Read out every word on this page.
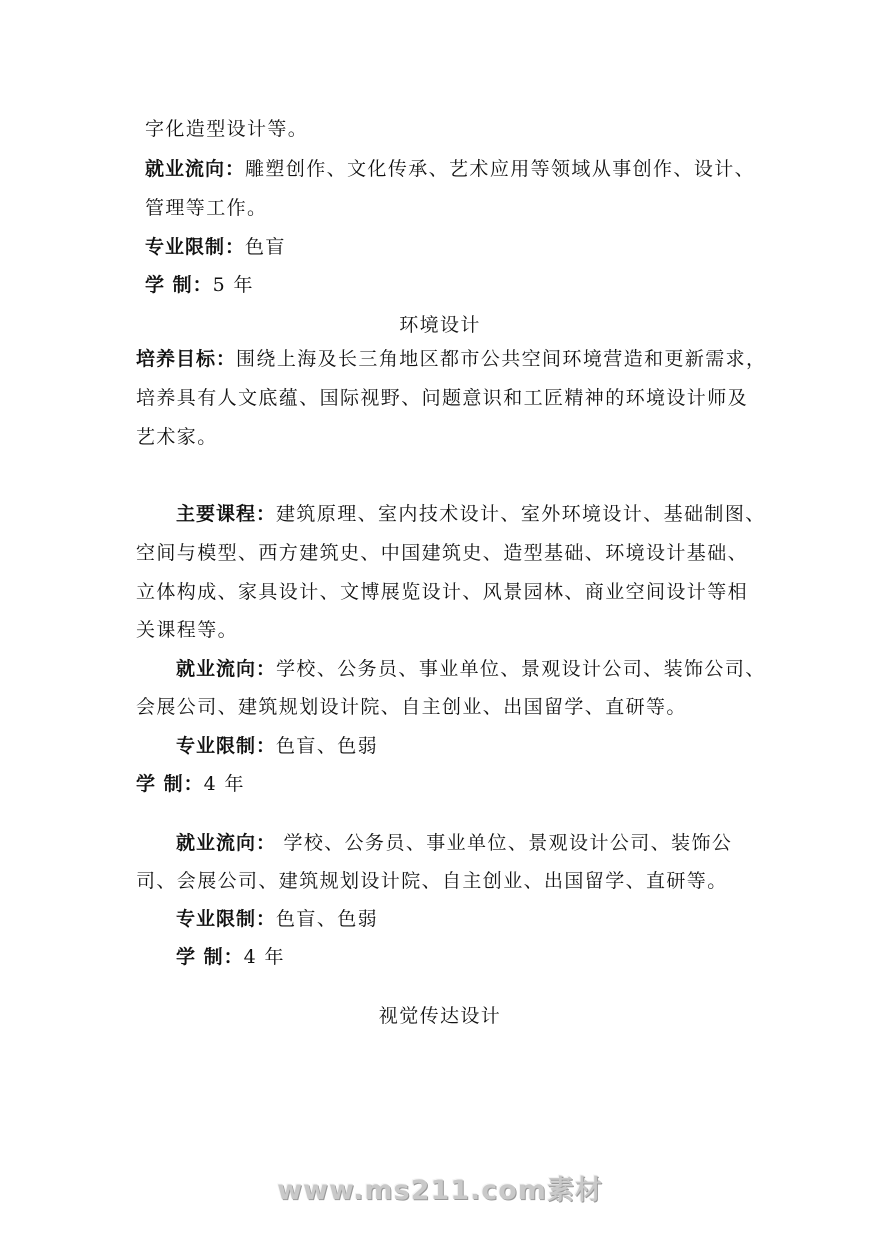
字化造型设计等。
就业流向：雕塑创作、文化传承、艺术应用等领域从事创作、设计、
管理等工作。
专业限制：色盲
学 制：5 年
环境设计
培养目标：围绕上海及长三角地区都市公共空间环境营造和更新需求，
培养具有人文底蕴、国际视野、问题意识和工匠精神的环境设计师及
艺术家。
主要课程：建筑原理、室内技术设计、室外环境设计、基础制图、
空间与模型、西方建筑史、中国建筑史、造型基础、环境设计基础、
立体构成、家具设计、文博展览设计、风景园林、商业空间设计等相
关课程等。
就业流向：学校、公务员、事业单位、景观设计公司、装饰公司、
会展公司、建筑规划设计院、自主创业、出国留学、直研等。
专业限制：色盲、色弱
学 制：4 年
就业流向： 学校、公务员、事业单位、景观设计公司、装饰公
司、会展公司、建筑规划设计院、自主创业、出国留学、直研等。
专业限制：色盲、色弱
学 制：4 年
视觉传达设计
www.ms211.com素材
